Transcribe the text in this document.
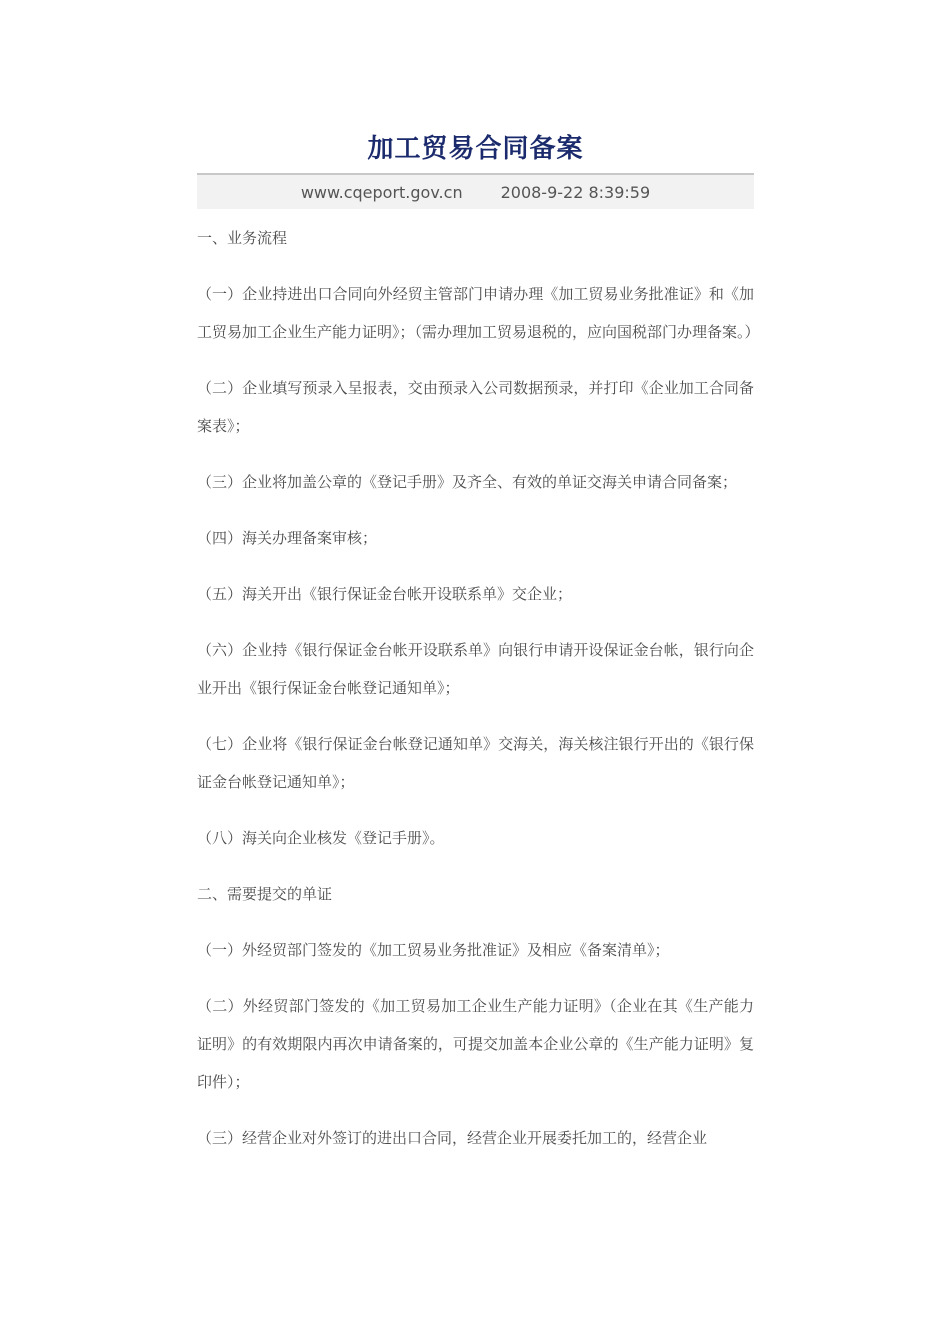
加工贸易合同备案
www.cqeport.gov.cn 2008-9-22 8:39:59

一、业务流程

（一）企业持进出口合同向外经贸主管部门申请办理《加工贸易业务批准证》和《加工贸易加工企业生产能力证明》；（需办理加工贸易退税的，应向国税部门办理备案。）

（二）企业填写预录入呈报表，交由预录入公司数据预录，并打印《企业加工合同备案表》；

（三）企业将加盖公章的《登记手册》及齐全、有效的单证交海关申请合同备案；

（四）海关办理备案审核；

（五）海关开出《银行保证金台帐开设联系单》交企业；

（六）企业持《银行保证金台帐开设联系单》向银行申请开设保证金台帐，银行向企业开出《银行保证金台帐登记通知单》；

（七）企业将《银行保证金台帐登记通知单》交海关，海关核注银行开出的《银行保证金台帐登记通知单》；

（八）海关向企业核发《登记手册》。

二、需要提交的单证

（一）外经贸部门签发的《加工贸易业务批准证》及相应《备案清单》；

（二）外经贸部门签发的《加工贸易加工企业生产能力证明》（企业在其《生产能力证明》的有效期限内再次申请备案的，可提交加盖本企业公章的《生产能力证明》复印件）；

（三）经营企业对外签订的进出口合同，经营企业开展委托加工的，经营企业
